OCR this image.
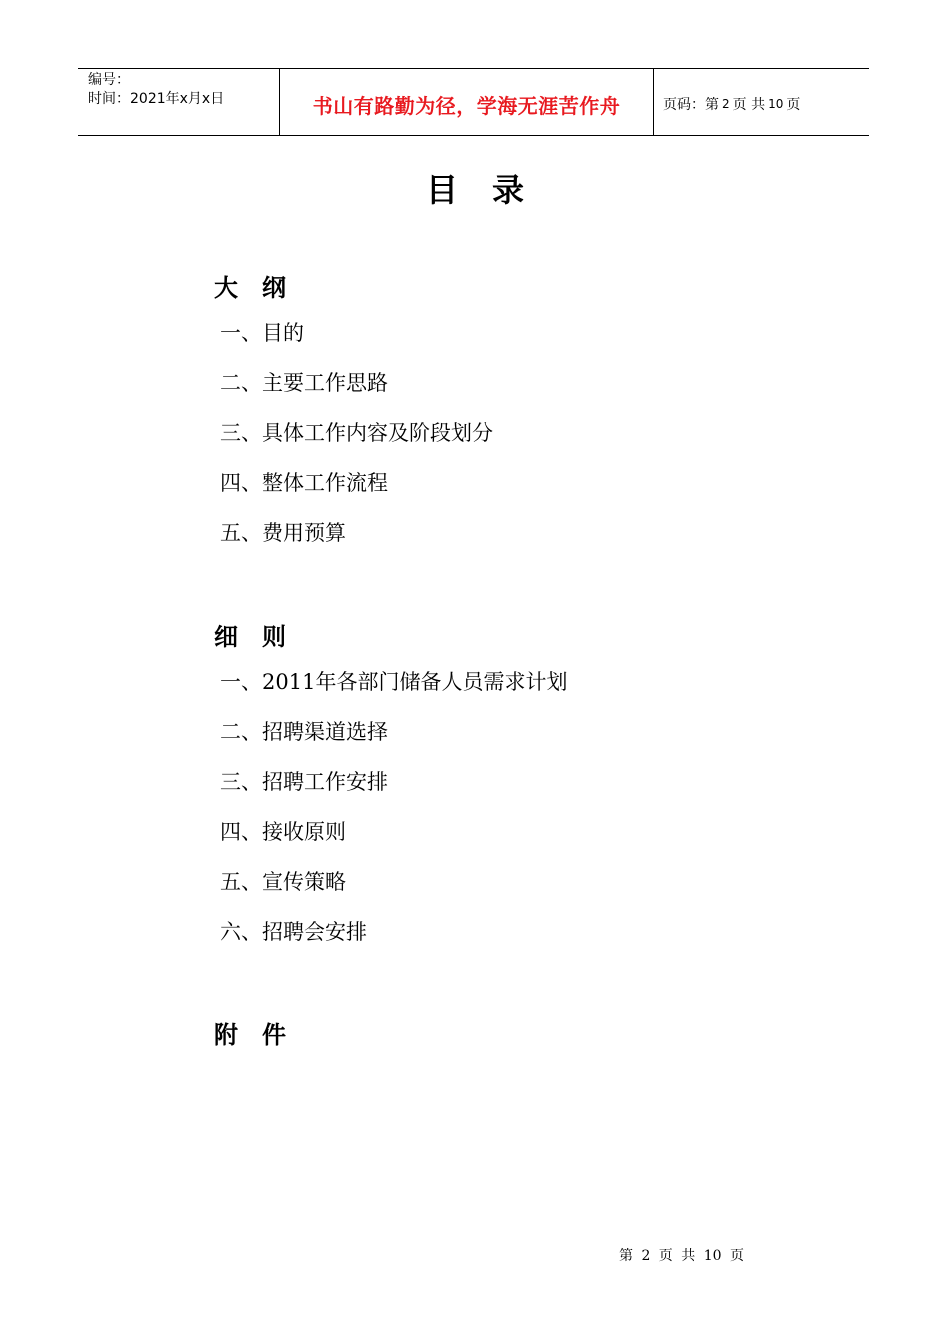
编号：
时间：2021年x月x日	书山有路勤为径，学海无涯苦作舟	页码：第 2 页 共 10 页
目录
大纲
一、目的
二、主要工作思路
三、具体工作内容及阶段划分
四、整体工作流程
五、费用预算
细则
一、2011年各部门储备人员需求计划
二、招聘渠道选择
三、招聘工作安排
四、接收原则
五、宣传策略
六、招聘会安排
附件
第 2 页 共 10 页
